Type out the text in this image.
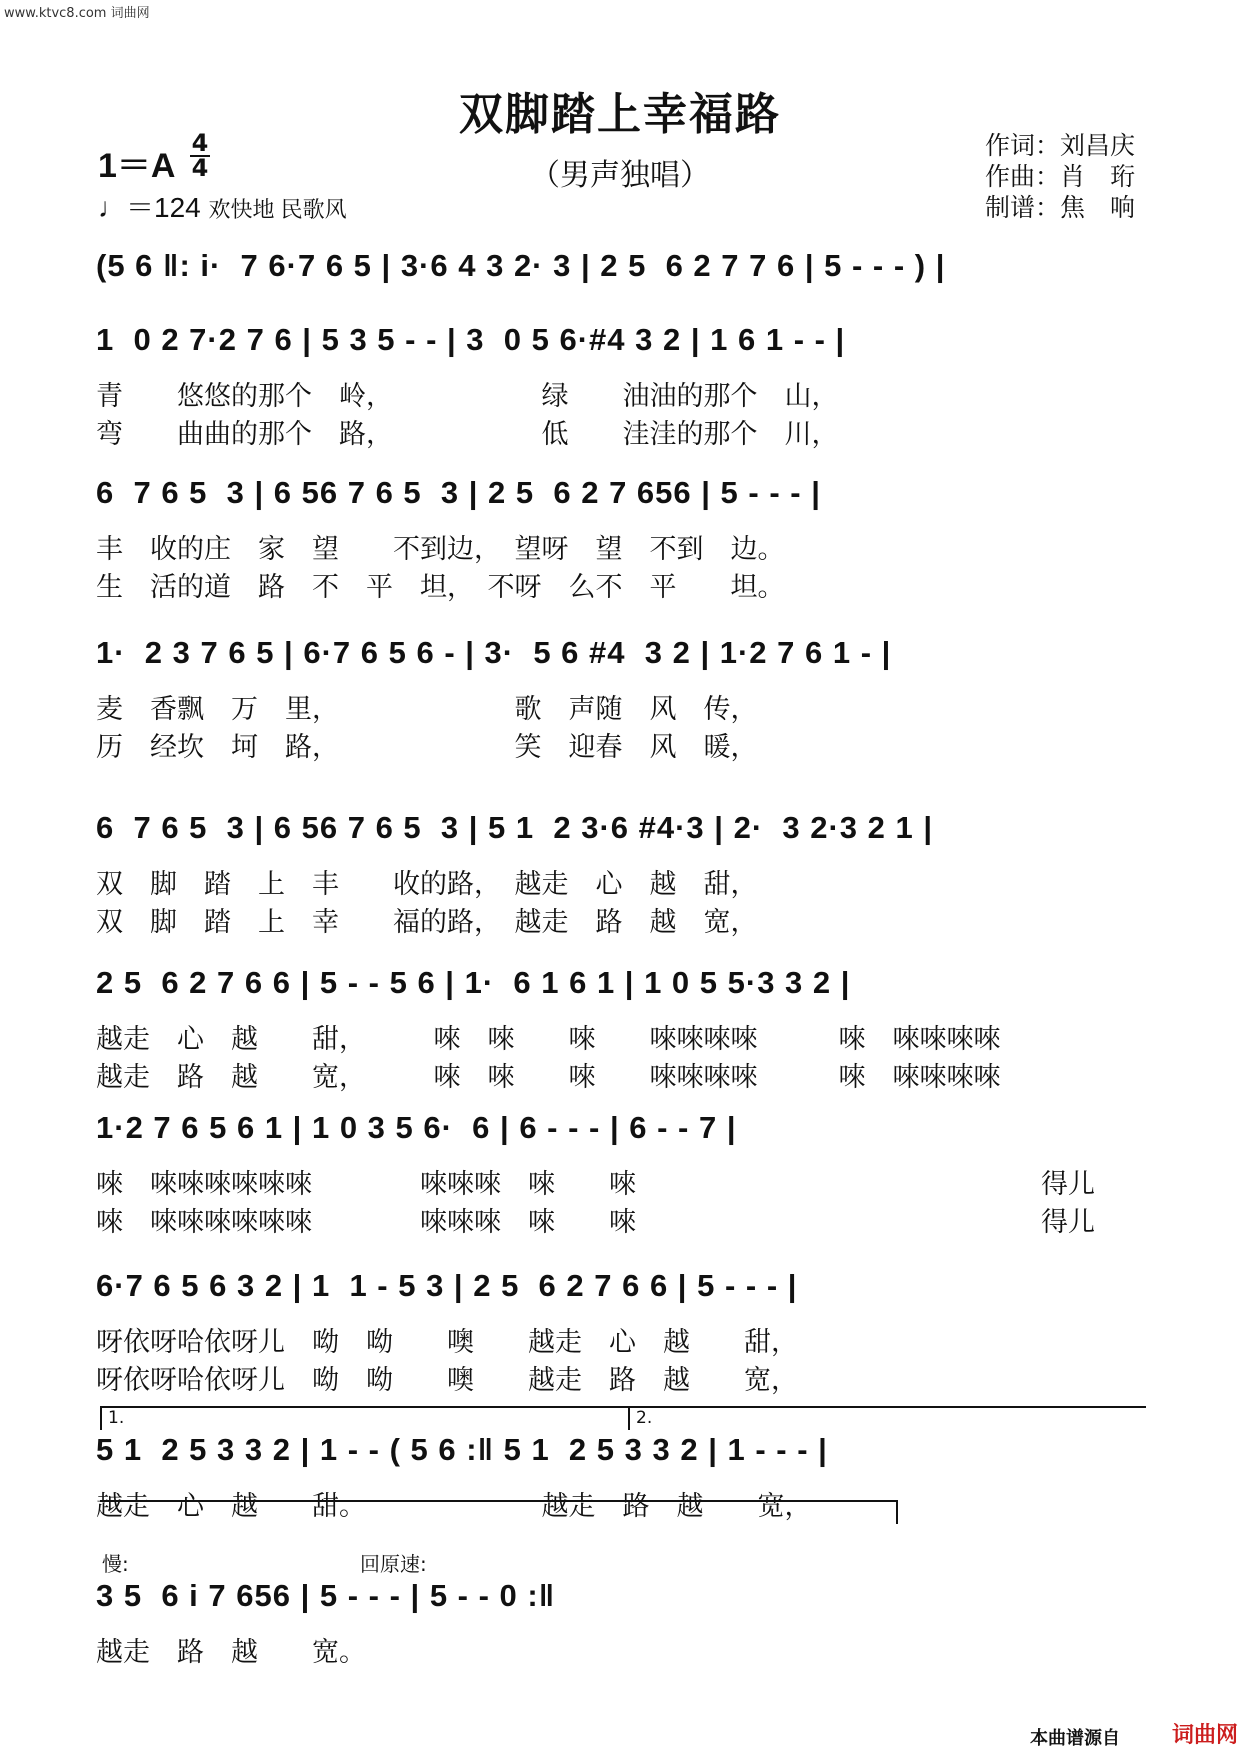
www.ktvc8.com 词曲网
双脚踏上幸福路
（男声独唱）
作词：刘昌庆
作曲：肖　珩
制谱：焦　响
1＝A
4
4
♩＝124 欢快地 民歌风
(5 6 ‖: i·  7 6·7 6 5 | 3·6 4 3 2· 3 | 2 5  6 2 7 7 6 | 5 - - - ) |
1  0 2 7·2 7 6 | 5 3 5 - - | 3  0 5 6·#4 3 2 | 1 6 1 - - |
青　　悠悠的那个　岭，　　　　　　绿　　油油的那个　山，
弯　　曲曲的那个　路，　　　　　　低　　洼洼的那个　川，
6  7 6 5  3 | 6 56 7 6 5  3 | 2 5  6 2 7 656 | 5 - - - |
丰　收的庄　家　望　　不到边，　望呀　望　不到　边。
生　活的道　路　不　平　坦，　不呀　么不　平　　坦。
1·  2 3 7 6 5 | 6·7 6 5 6 - | 3·  5 6 #4  3 2 | 1·2 7 6 1 - |
麦　香飘　万　里，　　　　　　　歌　声随　风　传，
历　经坎　坷　路，　　　　　　　笑　迎春　风　暖，
6  7 6 5  3 | 6 56 7 6 5  3 | 5 1  2 3·6 #4·3 | 2·  3 2·3 2 1 |
双　脚　踏　上　丰　　收的路，　越走　心　越　甜，
双　脚　踏　上　幸　　福的路，　越走　路　越　宽，
2 5  6 2 7 6 6 | 5 - - 5 6 | 1·  6 1 6 1 | 1 0 5 5·3 3 2 |
越走　心　越　　甜，　　　唻　唻　　唻　　唻唻唻唻　　　唻　唻唻唻唻
越走　路　越　　宽，　　　唻　唻　　唻　　唻唻唻唻　　　唻　唻唻唻唻
1·2 7 6 5 6 1 | 1 0 3 5 6·  6 | 6 - - - | 6 - - 7 |
唻　唻唻唻唻唻唻　　　　唻唻唻　唻　　唻　　　　　　　　　　　　　　　得儿
唻　唻唻唻唻唻唻　　　　唻唻唻　唻　　唻　　　　　　　　　　　　　　　得儿
6·7 6 5 6 3 2 | 1  1 - 5 3 | 2 5  6 2 7 6 6 | 5 - - - |
呀依呀哈依呀儿　呦　呦　　噢　　越走　心　越　　甜，
呀依呀哈依呀儿　呦　呦　　噢　　越走　路　越　　宽，
1.	2.
5 1  2 5 3 3 2 | 1 - - ( 5 6 :‖ 5 1  2 5 3 3 2 | 1 - - - |
越走　心　越　　甜。　　　　　　　越走　路　越　　宽，
慢:	回原速:
3 5  6 i 7 656 | 5 - - - | 5 - - 0 :‖
越走　路　越　　宽。
本曲谱源自 词曲网
